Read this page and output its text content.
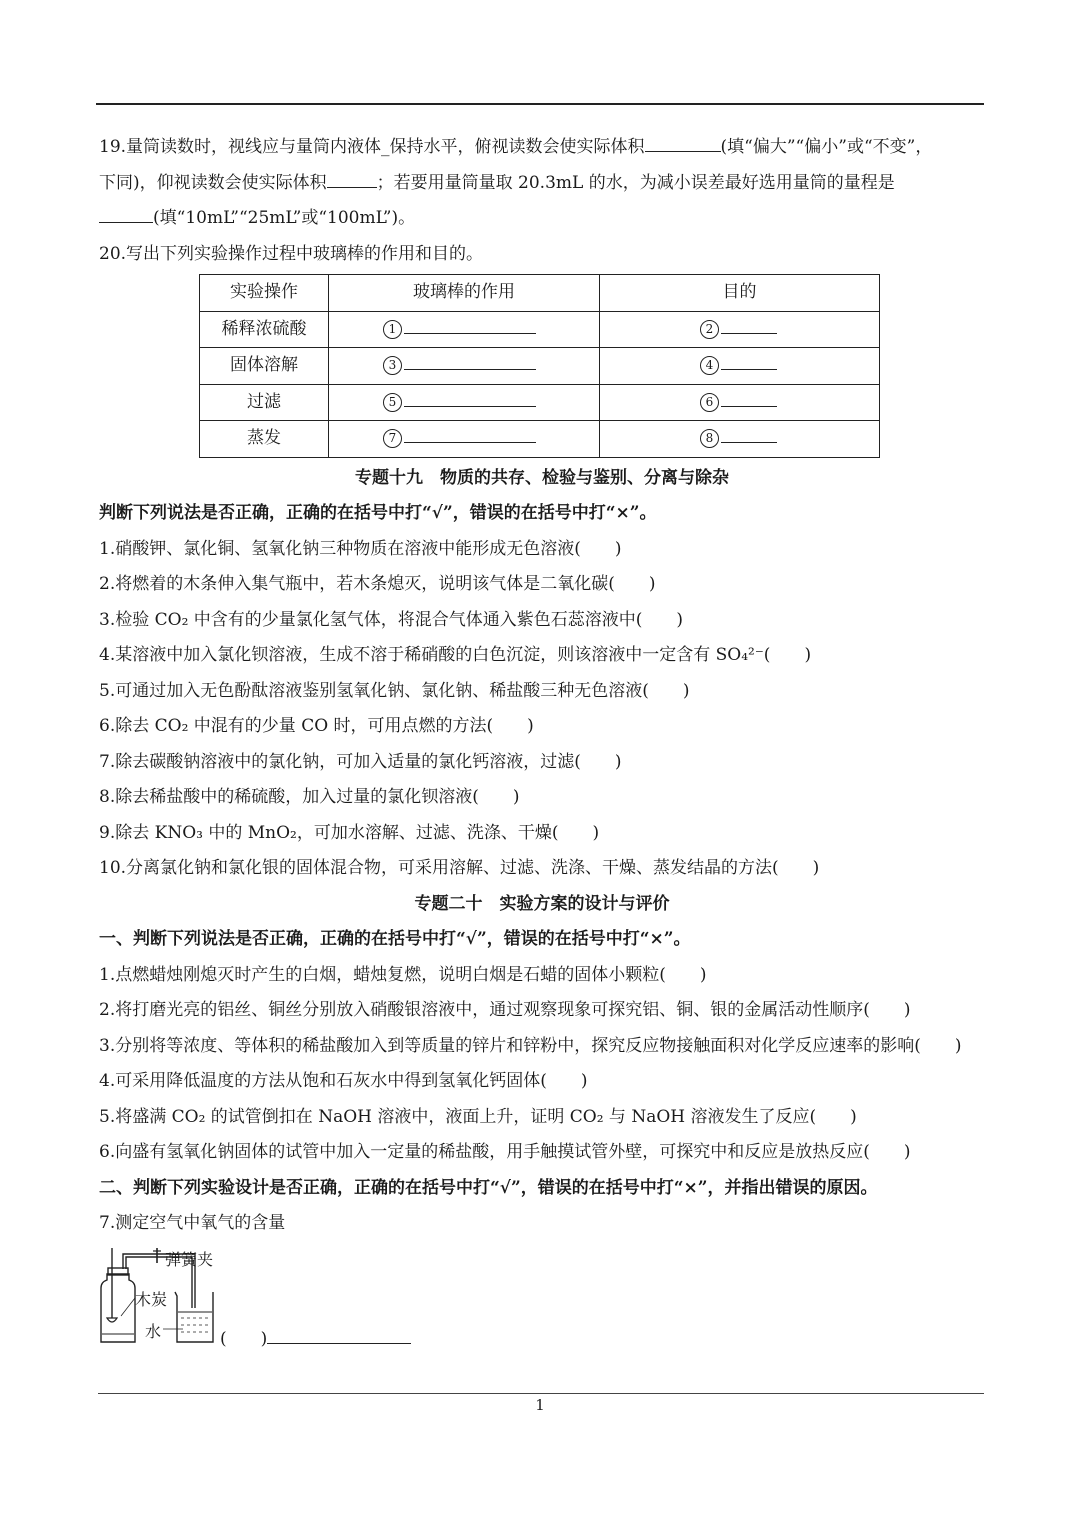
19.量筒读数时，视线应与量筒内液体_保持水平，俯视读数会使实际体积	(填“偏大”“偏小”或“不变”，
下同)，仰视读数会使实际体积	；若要用量筒量取 20.3mL 的水，为减小误差最好选用量筒的量程是
(填“10mL”“25mL”或“100mL”)。
20.写出下列实验操作过程中玻璃棒的作用和目的。
实验操作	玻璃棒的作用	目的
稀释浓硫酸	1	2
固体溶解	3	4
过滤	5	6
蒸发	7	8
专题十九　物质的共存、检验与鉴别、分离与除杂
判断下列说法是否正确，正确的在括号中打“√”，错误的在括号中打“×”。
1.硝酸钾、氯化铜、氢氧化钠三种物质在溶液中能形成无色溶液(　　)
2.将燃着的木条伸入集气瓶中，若木条熄灭，说明该气体是二氧化碳(　　)
3.检验 CO₂ 中含有的少量氯化氢气体，将混合气体通入紫色石蕊溶液中(　　)
4.某溶液中加入氯化钡溶液，生成不溶于稀硝酸的白色沉淀，则该溶液中一定含有 SO₄²⁻(　　)
5.可通过加入无色酚酞溶液鉴别氢氧化钠、氯化钠、稀盐酸三种无色溶液(　　)
6.除去 CO₂ 中混有的少量 CO 时，可用点燃的方法(　　)
7.除去碳酸钠溶液中的氯化钠，可加入适量的氯化钙溶液，过滤(　　)
8.除去稀盐酸中的稀硫酸，加入过量的氯化钡溶液(　　)
9.除去 KNO₃ 中的 MnO₂，可加水溶解、过滤、洗涤、干燥(　　)
10.分离氯化钠和氯化银的固体混合物，可采用溶解、过滤、洗涤、干燥、蒸发结晶的方法(　　)
专题二十　实验方案的设计与评价
一、判断下列说法是否正确，正确的在括号中打“√”，错误的在括号中打“×”。
1.点燃蜡烛刚熄灭时产生的白烟，蜡烛复燃，说明白烟是石蜡的固体小颗粒(　　)
2.将打磨光亮的铝丝、铜丝分别放入硝酸银溶液中，通过观察现象可探究铝、铜、银的金属活动性顺序(　　)
3.分别将等浓度、等体积的稀盐酸加入到等质量的锌片和锌粉中，探究反应物接触面积对化学反应速率的影响(　　)
4.可采用降低温度的方法从饱和石灰水中得到氢氧化钙固体(　　)
5.将盛满 CO₂ 的试管倒扣在 NaOH 溶液中，液面上升，证明 CO₂ 与 NaOH 溶液发生了反应(　　)
6.向盛有氢氧化钠固体的试管中加入一定量的稀盐酸，用手触摸试管外壁，可探究中和反应是放热反应(　　)
二、判断下列实验设计是否正确，正确的在括号中打“√”，错误的在括号中打“×”，并指出错误的原因。
7.测定空气中氧气的含量
弹簧夹
木炭
水	(　　)
1
